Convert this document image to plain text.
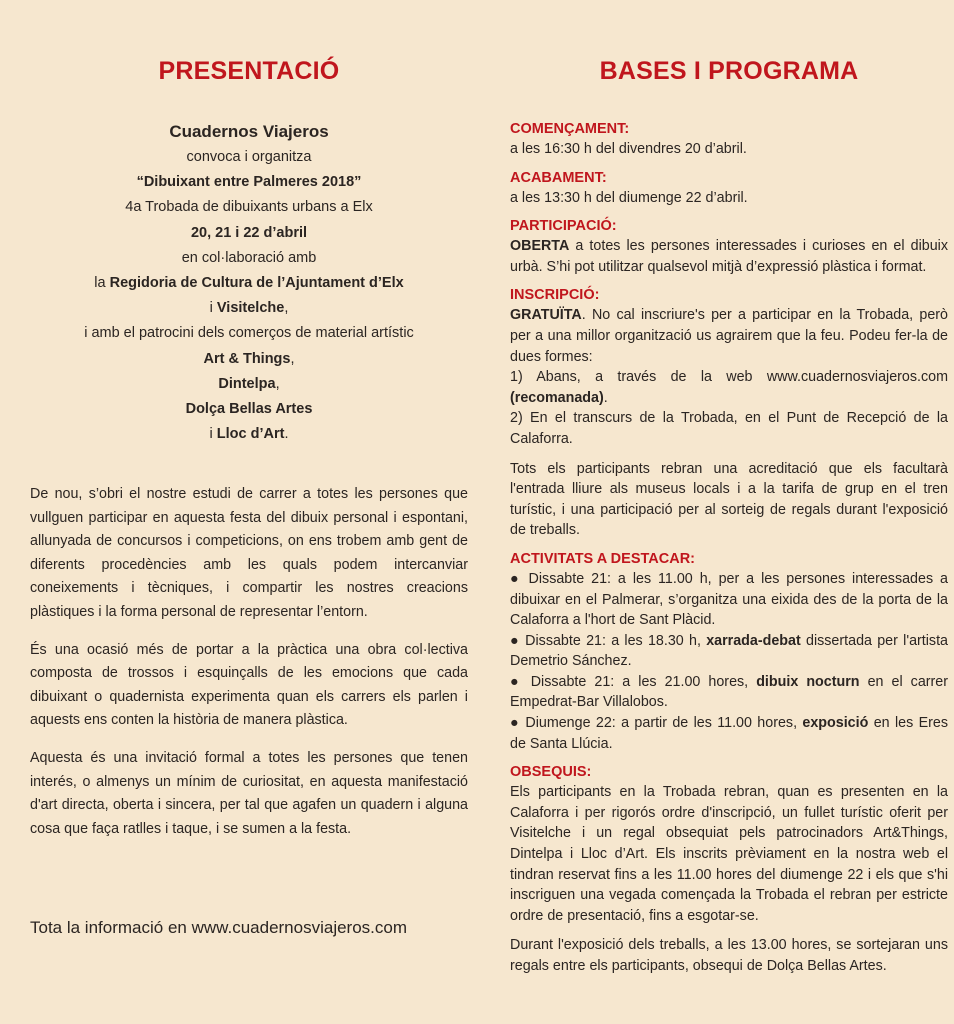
PRESENTACIÓ
Cuadernos Viajeros
convoca i organitza
“Dibuixant entre Palmeres 2018”
4a Trobada de dibuixants urbans a Elx
20, 21 i 22 d’abril
en col·laboració amb
la Regidoria de Cultura de l’Ajuntament d’Elx
i Visitelche,
i amb el patrocini dels comerços de material artístic
Art & Things,
Dintelpa,
Dolça Bellas Artes
i Lloc d’Art.

De nou, s’obri el nostre estudi de carrer a totes les persones que vullguen participar en aquesta festa del dibuix personal i espontani, allunyada de concursos i competicions, on ens trobem amb gent de diferents procedències amb les quals podem intercanviar coneixements i tècniques, i compartir les nostres creacions plàstiques i la forma personal de representar l’entorn.

És una ocasió més de portar a la pràctica una obra col·lectiva composta de trossos i esquinçalls de les emocions que cada dibuixant o quadernista experimenta quan els carrers els parlen i aquests ens conten la història de manera plàstica.

Aquesta és una invitació formal a totes les persones que tenen interés, o almenys un mínim de curiositat, en aquesta manifestació d'art directa, oberta i sincera, per tal que agafen un quadern i alguna cosa que faça ratlles i taque, i se sumen a la festa.

Tota la informació en www.cuadernosviajeros.com
BASES I PROGRAMA
COMENÇAMENT:

a les 16:30 h del divendres 20 d’abril.

ACABAMENT:

a les 13:30 h del diumenge 22 d’abril.

PARTICIPACIÓ:

OBERTA a totes les persones interessades i curioses en el dibuix urbà. S’hi pot utilitzar qualsevol mitjà d’expressió plàstica i format.

INSCRIPCIÓ:

GRATUÏTA. No cal inscriure's per a participar en la Trobada, però per a una millor organització us agrairem que la feu. Podeu fer-la de dues formes:

1) Abans, a través de la web www.cuadernosviajeros.com (recomanada).

2) En el transcurs de la Trobada, en el Punt de Recepció de la Calaforra.

Tots els participants rebran una acreditació que els facultarà l'entrada lliure als museus locals i a la tarifa de grup en el tren turístic, i una participació per al sorteig de regals durant l'exposició de treballs.

ACTIVITATS A DESTACAR:

● Dissabte 21: a les 11.00 h, per a les persones interessades a dibuixar en el Palmerar, s’organitza una eixida des de la porta de la Calaforra a l'hort de Sant Plàcid.

● Dissabte 21: a les 18.30 h, xarrada-debat dissertada per l'artista Demetrio Sánchez.

● Dissabte 21: a les 21.00 hores, dibuix nocturn en el carrer Empedrat-Bar Villalobos.

● Diumenge 22: a partir de les 11.00 hores, exposició en les Eres de Santa Llúcia.

OBSEQUIS:

Els participants en la Trobada rebran, quan es presenten en la Calaforra i per rigorós ordre d'inscripció, un fullet turístic oferit per Visitelche i un regal obsequiat pels patrocinadors Art&Things, Dintelpa i Lloc d’Art. Els inscrits prèviament en la nostra web el tindran reservat fins a les 11.00 hores del diumenge 22 i els que s'hi inscriguen una vegada començada la Trobada el rebran per estricte ordre de presentació, fins a esgotar-se.

Durant l'exposició dels treballs, a les 13.00 hores, se sortejaran uns regals entre els participants, obsequi de Dolça Bellas Artes.
